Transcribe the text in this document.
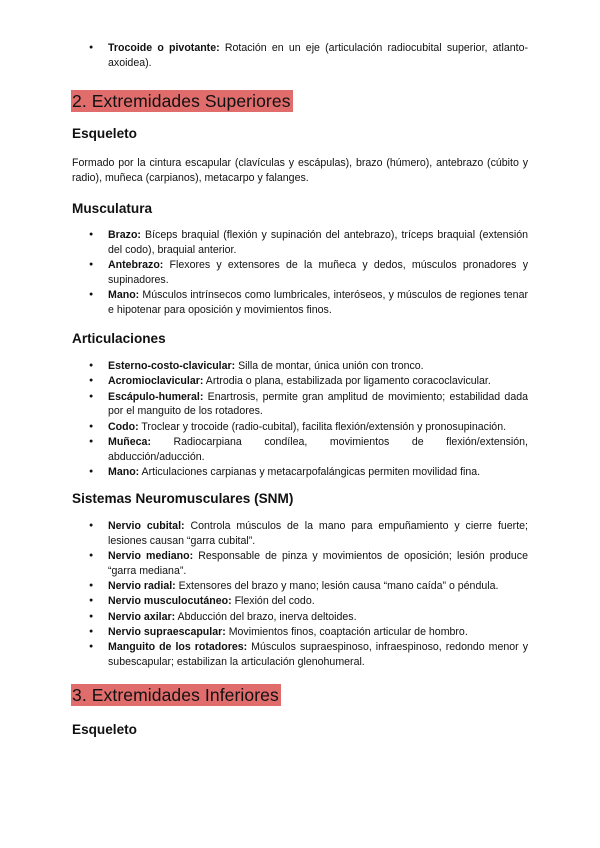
● Trocoide o pivotante: Rotación en un eje (articulación radiocubital superior, atlanto-axoidea).
2. Extremidades Superiores
Esqueleto
Formado por la cintura escapular (clavículas y escápulas), brazo (húmero), antebrazo (cúbito y radio), muñeca (carpianos), metacarpo y falanges.
Musculatura
● Brazo: Bíceps braquial (flexión y supinación del antebrazo), tríceps braquial (extensión del codo), braquial anterior.
● Antebrazo: Flexores y extensores de la muñeca y dedos, músculos pronadores y supinadores.
● Mano: Músculos intrínsecos como lumbricales, interóseos, y músculos de regiones tenar e hipotenar para oposición y movimientos finos.
Articulaciones
● Esterno-costo-clavicular: Silla de montar, única unión con tronco.
● Acromioclavicular: Artrodia o plana, estabilizada por ligamento coracoclavicular.
● Escápulo-humeral: Enartrosis, permite gran amplitud de movimiento; estabilidad dada por el manguito de los rotadores.
● Codo: Troclear y trocoide (radio-cubital), facilita flexión/extensión y pronosupinación.
● Muñeca: Radiocarpiana condílea, movimientos de flexión/extensión, abducción/aducción.
● Mano: Articulaciones carpianas y metacarpofalángicas permiten movilidad fina.
Sistemas Neuromusculares (SNM)
● Nervio cubital: Controla músculos de la mano para empuñamiento y cierre fuerte; lesiones causan “garra cubital”.
● Nervio mediano: Responsable de pinza y movimientos de oposición; lesión produce “garra mediana”.
● Nervio radial: Extensores del brazo y mano; lesión causa “mano caída” o péndula.
● Nervio musculocutáneo: Flexión del codo.
● Nervio axilar: Abducción del brazo, inerva deltoides.
● Nervio supraescapular: Movimientos finos, coaptación articular de hombro.
● Manguito de los rotadores: Músculos supraespinoso, infraespinoso, redondo menor y subescapular; estabilizan la articulación glenohumeral.
3. Extremidades Inferiores
Esqueleto
